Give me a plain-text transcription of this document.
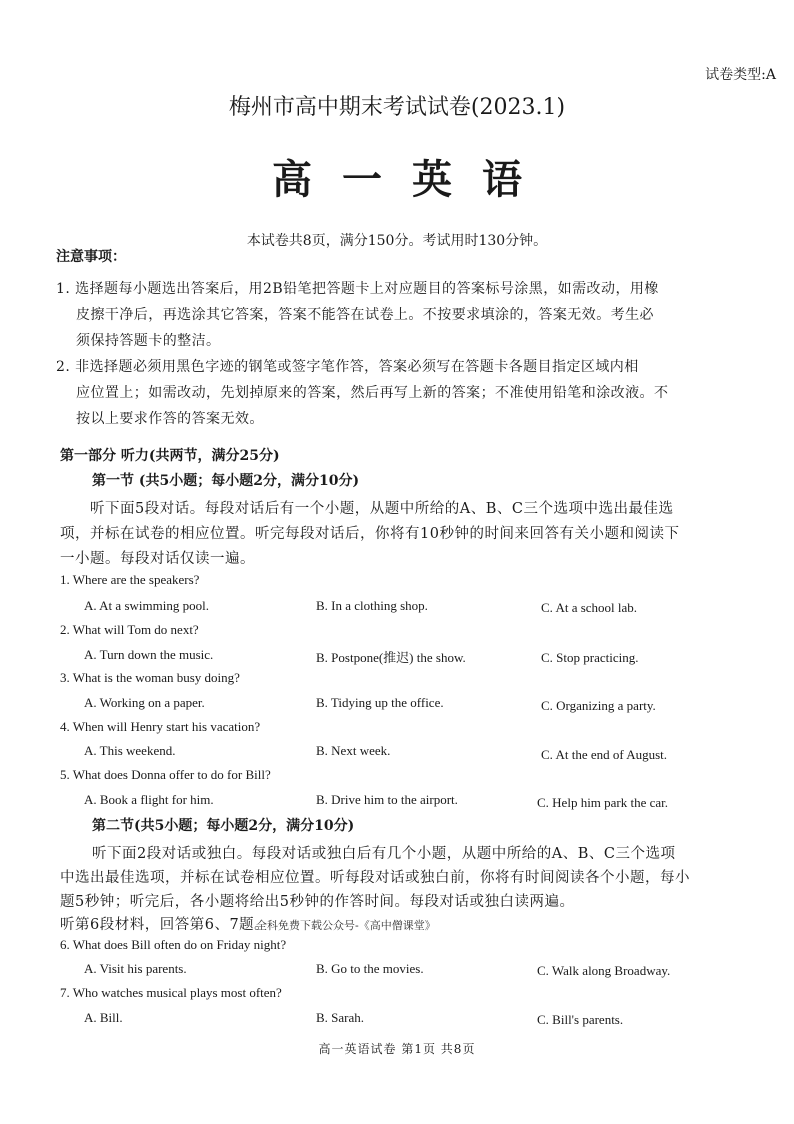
试卷类型:A
梅州市高中期末考试试卷(2023.1)
高一英语
本试卷共8页，满分150分。考试用时130分钟。
注意事项：
1. 选择题每小题选出答案后，用2B铅笔把答题卡上对应题目的答案标号涂黑，如需改动，用橡
皮擦干净后，再选涂其它答案，答案不能答在试卷上。不按要求填涂的，答案无效。考生必
须保持答题卡的整洁。
2. 非选择题必须用黑色字迹的钢笔或签字笔作答，答案必须写在答题卡各题目指定区域内相
应位置上；如需改动，先划掉原来的答案，然后再写上新的答案；不准使用铅笔和涂改液。不
按以上要求作答的答案无效。
第一部分 听力(共两节，满分25分)
第一节 (共5小题；每小题2分，满分10分)
听下面5段对话。每段对话后有一个小题，从题中所给的A、B、C三个选项中选出最佳选
项，并标在试卷的相应位置。听完每段对话后，你将有10秒钟的时间来回答有关小题和阅读下
一小题。每段对话仅读一遍。
1. Where are the speakers?
A. At a swimming pool.	B. In a clothing shop.	C. At a school lab.
2. What will Tom do next?
A. Turn down the music.	B. Postpone(推迟) the show.	C. Stop practicing.
3. What is the woman busy doing?
A. Working on a paper.	B. Tidying up the office.	C. Organizing a party.
4. When will Henry start his vacation?
A. This weekend.	B. Next week.	C. At the end of August.
5. What does Donna offer to do for Bill?
A. Book a flight for him.	B. Drive him to the airport.	C. Help him park the car.
第二节(共5小题；每小题2分，满分10分)
听下面2段对话或独白。每段对话或独白后有几个小题，从题中所给的A、B、C三个选项
中选出最佳选项，并标在试卷相应位置。听每段对话或独白前，你将有时间阅读各个小题，每小
题5秒钟；听完后，各小题将给出5秒钟的作答时间。每段对话或独白读两遍。
听第6段材料，回答第6、7题。
全科免费下载公众号-《高中僧课堂》
6. What does Bill often do on Friday night?
A. Visit his parents.	B. Go to the movies.	C. Walk along Broadway.
7. Who watches musical plays most often?
A. Bill.	B. Sarah.	C. Bill's parents.
高一英语试卷 第1页 共8页
